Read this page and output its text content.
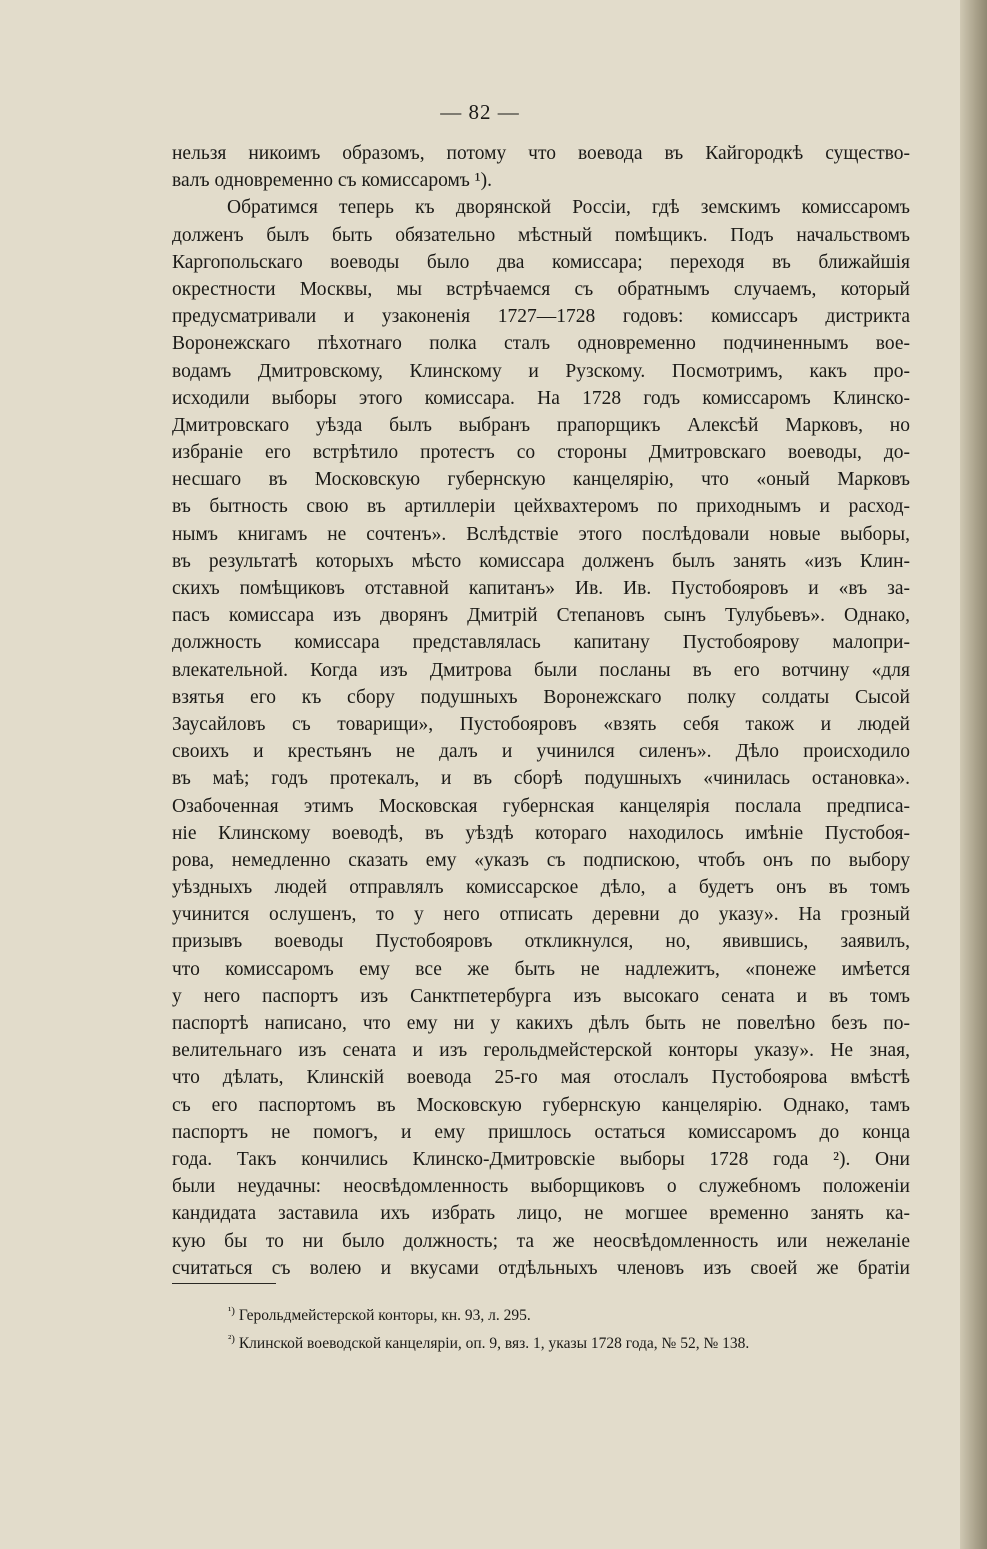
— 82 —
нельзя никоимъ образомъ, потому что воевода въ Кайгородкѣ существо-
валъ одновременно съ комиссаромъ ¹).
Обратимся теперь къ дворянской Россіи, гдѣ земскимъ комиссаромъ
долженъ былъ быть обязательно мѣстный помѣщикъ. Подъ начальствомъ
Каргопольскаго воеводы было два комиссара; переходя въ ближайшія
окрестности Москвы, мы встрѣчаемся съ обратнымъ случаемъ, который
предусматривали и узаконенія 1727—1728 годовъ: комиссаръ дистрикта
Воронежскаго пѣхотнаго полка сталъ одновременно подчиненнымъ вое-
водамъ Дмитровскому, Клинскому и Рузскому. Посмотримъ, какъ про-
исходили выборы этого комиссара. На 1728 годъ комиссаромъ Клинско-
Дмитровскаго уѣзда былъ выбранъ прапорщикъ Алексѣй Марковъ, но
избраніе его встрѣтило протестъ со стороны Дмитровскаго воеводы, до-
несшаго въ Московскую губернскую канцелярію, что «оный Марковъ
въ бытность свою въ артиллеріи цейхвахтеромъ по приходнымъ и расход-
нымъ книгамъ не сочтенъ». Вслѣдствіе этого послѣдовали новые выборы,
въ результатѣ которыхъ мѣсто комиссара долженъ былъ занять «изъ Клин-
скихъ помѣщиковъ отставной капитанъ» Ив. Ив. Пустобояровъ и «въ за-
пасъ комиссара изъ дворянъ Дмитрій Степановъ сынъ Тулубьевъ». Однако,
должность комиссара представлялась капитану Пустобоярову малопри-
влекательной. Когда изъ Дмитрова были посланы въ его вотчину «для
взятья его къ сбору подушныхъ Воронежскаго полку солдаты Сысой
Заусайловъ съ товарищи», Пустобояровъ «взять себя також и людей
своихъ и крестьянъ не далъ и учинился силенъ». Дѣло происходило
въ маѣ; годъ протекалъ, и въ сборѣ подушныхъ «чинилась остановка».
Озабоченная этимъ Московская губернская канцелярія послала предписа-
ніе Клинскому воеводѣ, въ уѣздѣ котораго находилось имѣніе Пустобоя-
рова, немедленно сказать ему «указъ съ подпискою, чтобъ онъ по выбору
уѣздныхъ людей отправлялъ комиссарское дѣло, а будетъ онъ въ томъ
учинится ослушенъ, то у него отписать деревни до указу». На грозный
призывъ воеводы Пустобояровъ откликнулся, но, явившись, заявилъ,
что комиссаромъ ему все же быть не надлежитъ, «понеже имѣется
у него паспортъ изъ Санктпетербурга изъ высокаго сената и въ томъ
паспортѣ написано, что ему ни у какихъ дѣлъ быть не повелѣно безъ по-
велительнаго изъ сената и изъ герольдмейстерской конторы указу». Не зная,
что дѣлать, Клинскій воевода 25-го мая отослалъ Пустобоярова вмѣстѣ
съ его паспортомъ въ Московскую губернскую канцелярію. Однако, тамъ
паспортъ не помогъ, и ему пришлось остаться комиссаромъ до конца
года. Такъ кончились Клинско-Дмитровскіе выборы 1728 года ²). Они
были неудачны: неосвѣдомленность выборщиковъ о служебномъ положеніи
кандидата заставила ихъ избрать лицо, не могшее временно занять ка-
кую бы то ни было должность; та же неосвѣдомленность или нежеланіе
считаться съ волею и вкусами отдѣльныхъ членовъ изъ своей же братіи
$^{^1)}$ Герольдмейстерской конторы, кн. 93, л. 295.
$^{^2)}$ Клинской воеводской канцеляріи, оп. 9, вяз. 1, указы 1728 года, № 52, № 138.
